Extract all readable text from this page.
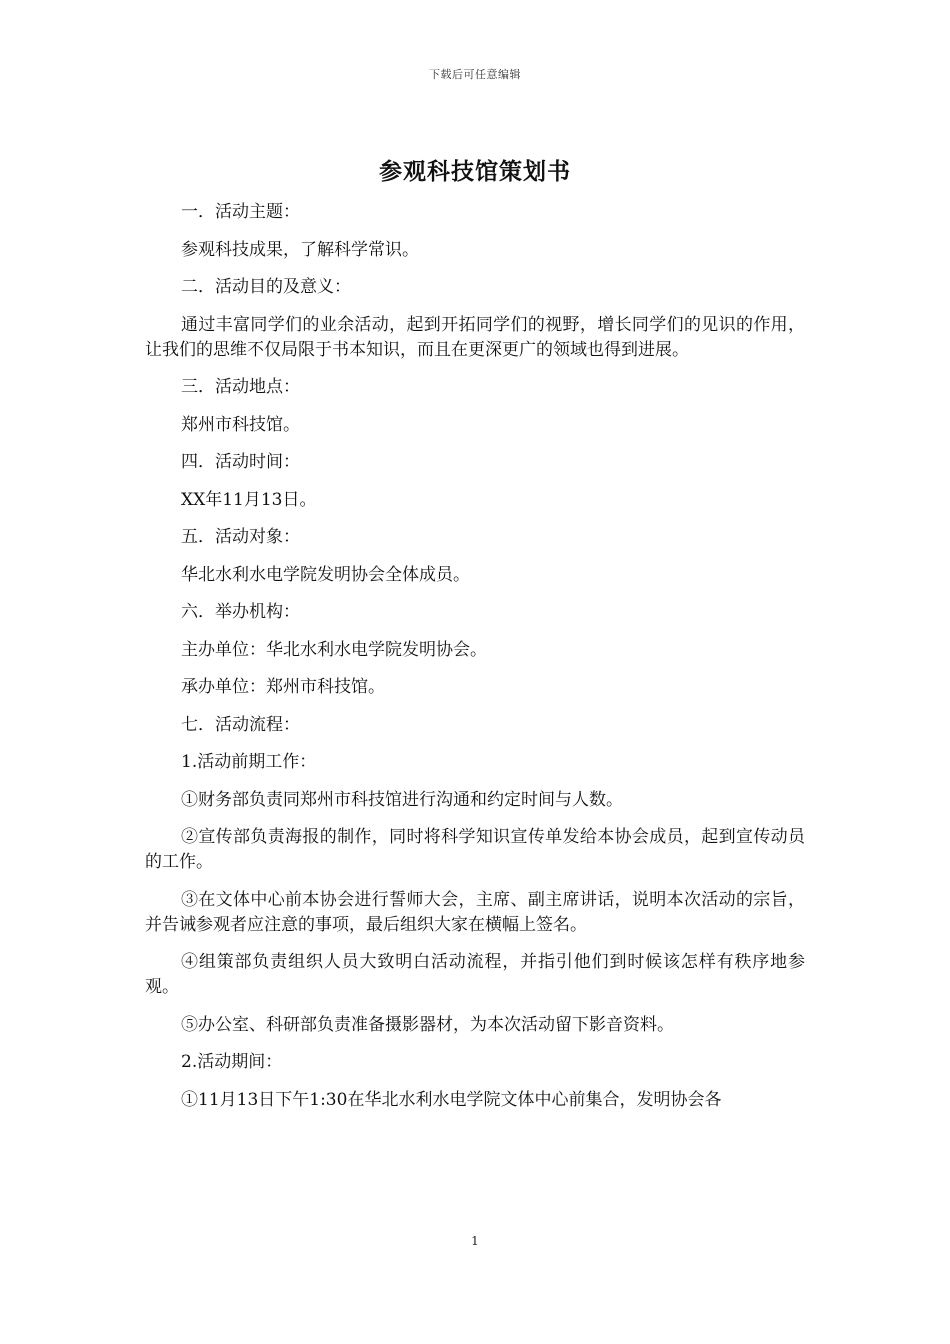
下载后可任意编辑
参观科技馆策划书

一．活动主题：

参观科技成果，了解科学常识。

二．活动目的及意义：

通过丰富同学们的业余活动，起到开拓同学们的视野，增长同学们的见识的作用，让我们的思维不仅局限于书本知识，而且在更深更广的领域也得到进展。

三．活动地点：

郑州市科技馆。

四．活动时间：

XX年11月13日。

五．活动对象：

华北水利水电学院发明协会全体成员。

六．举办机构：

主办单位：华北水利水电学院发明协会。

承办单位：郑州市科技馆。

七．活动流程：

1.活动前期工作：

①财务部负责同郑州市科技馆进行沟通和约定时间与人数。

②宣传部负责海报的制作，同时将科学知识宣传单发给本协会成员，起到宣传动员的工作。

③在文体中心前本协会进行誓师大会，主席、副主席讲话，说明本次活动的宗旨，并告诫参观者应注意的事项，最后组织大家在横幅上签名。

④组策部负责组织人员大致明白活动流程，并指引他们到时候该怎样有秩序地参观。

⑤办公室、科研部负责准备摄影器材，为本次活动留下影音资料。

2.活动期间：

①11月13日下午1:30在华北水利水电学院文体中心前集合，发明协会各

1
